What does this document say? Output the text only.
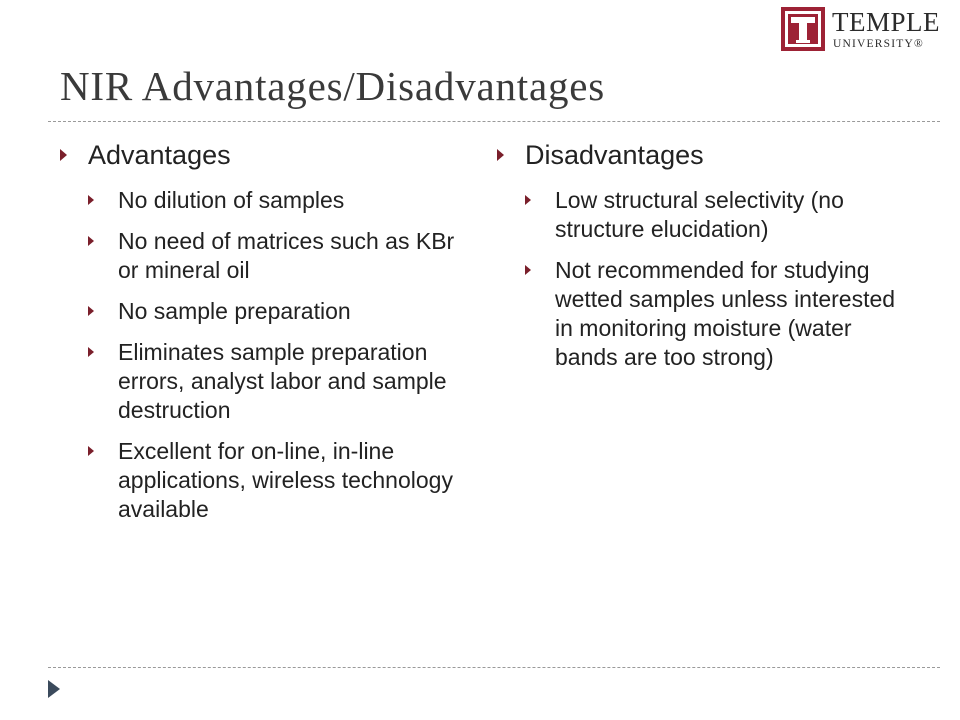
TEMPLE
UNIVERSITY®
NIR Advantages/Disadvantages
Advantages
No dilution of samples
No need of matrices such as KBr or mineral oil
No sample preparation
Eliminates sample preparation errors, analyst labor and sample destruction
Excellent for on-line, in-line applications, wireless technology available
Disadvantages
Low structural selectivity (no structure elucidation)
Not recommended for studying wetted samples unless interested in monitoring moisture (water bands are too strong)
